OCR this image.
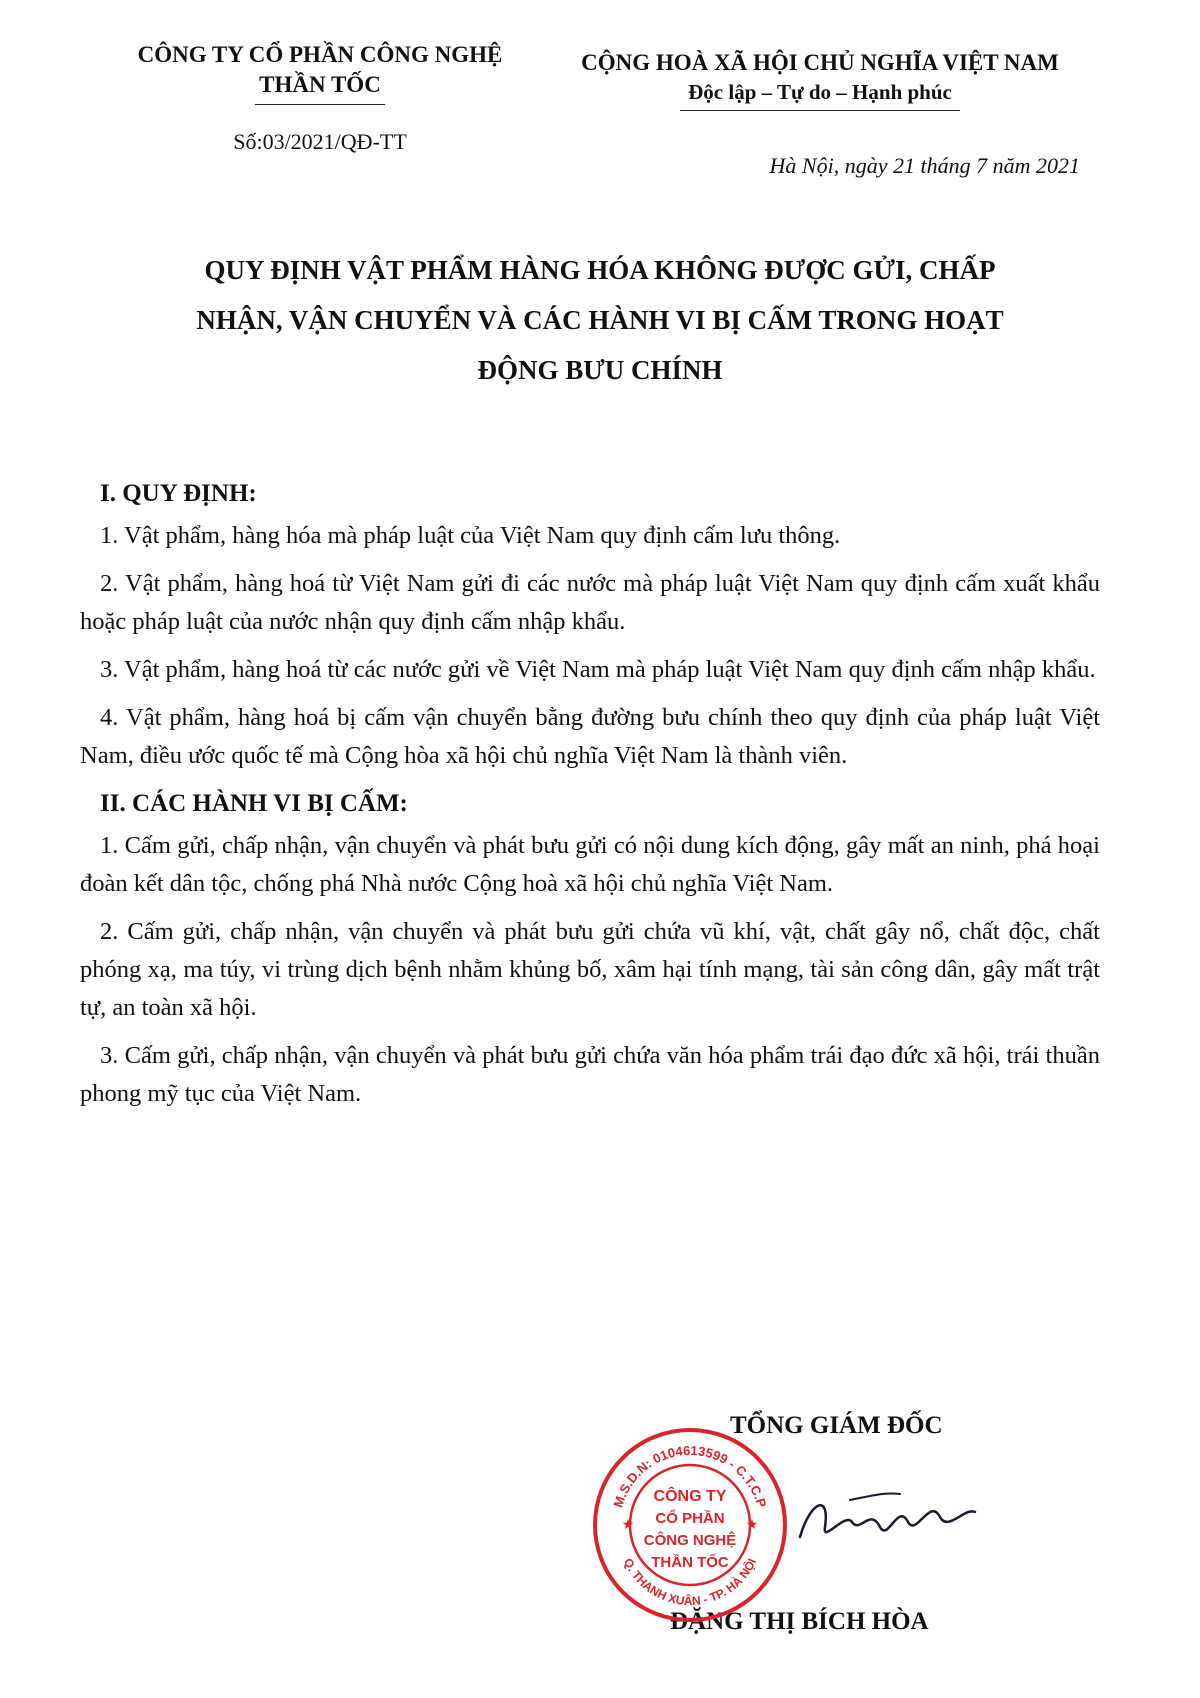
CÔNG TY CỔ PHẦN CÔNG NGHỆ
THẦN TỐC
Số:03/2021/QĐ-TT
CỘNG HOÀ XÃ HỘI CHỦ NGHĨA VIỆT NAM
Độc lập – Tự do – Hạnh phúc
Hà Nội, ngày 21 tháng 7 năm 2021
QUY ĐỊNH VẬT PHẨM HÀNG HÓA KHÔNG ĐƯỢC GỬI, CHẤP
NHẬN, VẬN CHUYỂN VÀ CÁC HÀNH VI BỊ CẤM TRONG HOẠT
ĐỘNG BƯU CHÍNH
I. QUY ĐỊNH:
1. Vật phẩm, hàng hóa mà pháp luật của Việt Nam quy định cấm lưu thông.
2. Vật phẩm, hàng hoá từ Việt Nam gửi đi các nước mà pháp luật Việt Nam quy định cấm xuất khẩu hoặc pháp luật của nước nhận quy định cấm nhập khẩu.
3. Vật phẩm, hàng hoá từ các nước gửi về Việt Nam mà pháp luật Việt Nam quy định cấm nhập khẩu.
4. Vật phẩm, hàng hoá bị cấm vận chuyển bằng đường bưu chính theo quy định của pháp luật Việt Nam, điều ước quốc tế mà Cộng hòa xã hội chủ nghĩa Việt Nam là thành viên.
II. CÁC HÀNH VI BỊ CẤM:
1. Cấm gửi, chấp nhận, vận chuyển và phát bưu gửi có nội dung kích động, gây mất an ninh, phá hoại đoàn kết dân tộc, chống phá Nhà nước Cộng hoà xã hội chủ nghĩa Việt Nam.
2. Cấm gửi, chấp nhận, vận chuyển và phát bưu gửi chứa vũ khí, vật, chất gây nổ, chất độc, chất phóng xạ, ma túy, vi trùng dịch bệnh nhằm khủng bố, xâm hại tính mạng, tài sản công dân, gây mất trật tự, an toàn xã hội.
3. Cấm gửi, chấp nhận, vận chuyển và phát bưu gửi chứa văn hóa phẩm trái đạo đức xã hội, trái thuần phong mỹ tục của Việt Nam.
TỔNG GIÁM ĐỐC
ĐẶNG THỊ BÍCH HÒA
M.S.D.N: 0104613599 - C.T.C.P
Q. THANH XUÂN - TP. HÀ NỘI
CÔNG TY
CỔ PHẦN
CÔNG NGHỆ
THẦN TỐC
★	★
